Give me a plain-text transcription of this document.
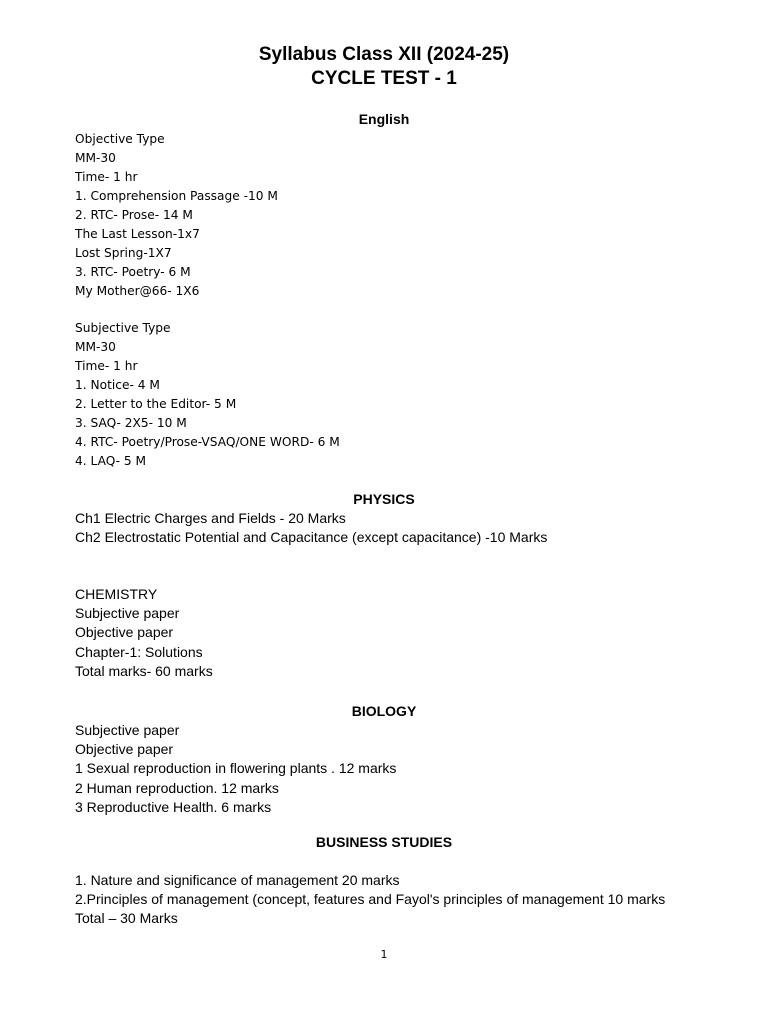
Syllabus Class XII (2024-25)
CYCLE TEST - 1
English
Objective Type
MM-30
Time- 1 hr
1. Comprehension Passage -10 M
2. RTC- Prose- 14 M
The Last Lesson-1x7
Lost Spring-1X7
3. RTC- Poetry- 6 M
My Mother@66- 1X6
Subjective Type
MM-30
Time- 1 hr
1. Notice- 4 M
2. Letter to the Editor- 5 M
3. SAQ- 2X5- 10 M
4. RTC- Poetry/Prose-VSAQ/ONE WORD- 6 M
4. LAQ- 5 M
PHYSICS
Ch1 Electric Charges and Fields - 20 Marks
Ch2 Electrostatic Potential and Capacitance (except capacitance) -10 Marks
CHEMISTRY
Subjective paper
Objective paper
Chapter-1: Solutions
Total marks- 60 marks
BIOLOGY
Subjective paper
Objective paper
1 Sexual reproduction in flowering plants . 12 marks
2 Human reproduction. 12 marks
3 Reproductive Health. 6 marks
BUSINESS STUDIES
1. Nature and significance of management 20 marks
2.Principles of management (concept, features and Fayol's principles of management 10 marks
Total – 30 Marks
1
